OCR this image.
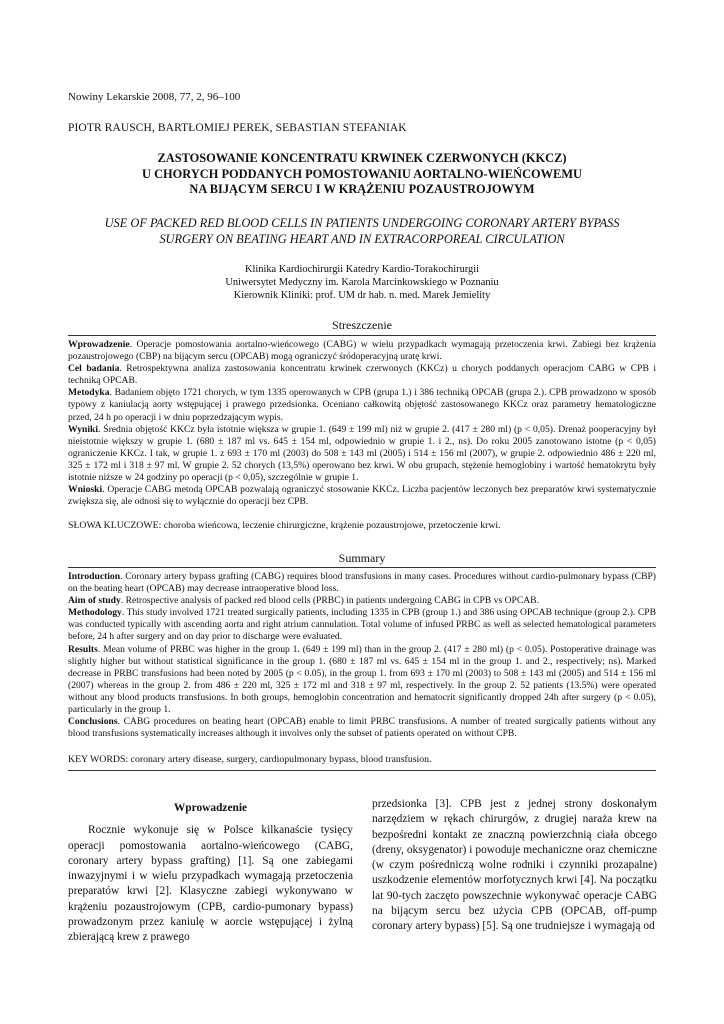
Nowiny Lekarskie 2008, 77, 2, 96–100
PIOTR RAUSCH, BARTŁOMIEJ PEREK, SEBASTIAN STEFANIAK
ZASTOSOWANIE KONCENTRATU KRWINEK CZERWONYCH (KKCZ)
U CHORYCH PODDANYCH POMOSTOWANIU AORTALNO-WIEŃCOWEMU
NA BIJĄCYM SERCU I W KRĄŻENIU POZAUSTROJOWYM
USE OF PACKED RED BLOOD CELLS IN PATIENTS UNDERGOING CORONARY ARTERY BYPASS
SURGERY ON BEATING HEART AND IN EXTRACORPOREAL CIRCULATION
Klinika Kardiochirurgii Katedry Kardio-Torakochirurgii
Uniwersytet Medyczny im. Karola Marcinkowskiego w Poznaniu
Kierownik Kliniki: prof. UM dr hab. n. med. Marek Jemielity
Streszczenie

Wprowadzenie. Operacje pomostowania aortalno-wieńcowego (CABG) w wielu przypadkach wymagają przetoczenia krwi. Zabiegi bez krążenia pozaustrojowego (CBP) na bijącym sercu (OPCAB) mogą ograniczyć śródoperacyjną uratę krwi.

Cel badania. Retrospektywna analiza zastosowania koncentratu krwinek czerwonych (KKCz) u chorych poddanych operacjom CABG w CPB i techniką OPCAB.

Metodyka. Badaniem objęto 1721 chorych, w tym 1335 operowanych w CPB (grupa 1.) i 386 techniką OPCAB (grupa 2.). CPB prowadzono w sposób typowy z kaniulacją aorty wstępującej i prawego przedsionka. Oceniano całkowitą objętość zastosowanego KKCz oraz parametry hematologiczne przed, 24 h po operacji i w dniu poprzedzającym wypis.

Wyniki. Średnia objętość KKCz była istotnie większa w grupie 1. (649 ± 199 ml) niż w grupie 2. (417 ± 280 ml) (p < 0,05). Drenaż pooperacyjny był nieistotnie większy w grupie 1. (680 ± 187 ml vs. 645 ± 154 ml, odpowiednio w grupie 1. i 2., ns). Do roku 2005 zanotowano istotne (p < 0,05) ograniczenie KKCz. I tak, w grupie 1. z 693 ± 170 ml (2003) do 508 ± 143 ml (2005) i 514 ± 156 ml (2007), w grupie 2. odpowiednio 486 ± 220 ml, 325 ± 172 ml i 318 ± 97 ml. W grupie 2. 52 chorych (13,5%) operowano bez krwi. W obu grupach, stężenie hemoglobiny i wartość hematokrytu były istotnie niższe w 24 godziny po operacji (p < 0,05), szczególnie w grupie 1.

Wnioski. Operacje CABG metodą OPCAB pozwalają ograniczyć stosowanie KKCz. Liczba pacjentów leczonych bez preparatów krwi systematycznie zwiększa się, ale odnosi się to wyłącznie do operacji bez CPB.

SŁOWA KLUCZOWE: choroba wieńcowa, leczenie chirurgiczne, krążenie pozaustrojowe, przetoczenie krwi.
Summary

Introduction. Coronary artery bypass grafting (CABG) requires blood transfusions in many cases. Procedures without cardio-pulmonary bypass (CBP) on the beating heart (OPCAB) may decrease intraoperative blood loss.

Aim of study. Retrospective analysis of packed red blood cells (PRBC) in patients undergoing CABG in CPB vs OPCAB.

Methodology. This study involved 1721 treated surgically patients, including 1335 in CPB (group 1.) and 386 using OPCAB technique (group 2.). CPB was conducted typically with ascending aorta and right atrium cannulation. Total volume of infused PRBC as well as selected hematological parameters before, 24 h after surgery and on day prior to discharge were evaluated.

Results. Mean volume of PRBC was higher in the group 1. (649 ± 199 ml) than in the group 2. (417 ± 280 ml) (p < 0.05). Postoperative drainage was slightly higher but without statistical significance in the group 1. (680 ± 187 ml vs. 645 ± 154 ml in the group 1. and 2., respectively; ns). Marked decrease in PRBC transfusions had been noted by 2005 (p < 0.05), in the group 1. from 693 ± 170 ml (2003) to 508 ± 143 ml (2005) and 514 ± 156 ml (2007) whereas in the group 2. from 486 ± 220 ml, 325 ± 172 ml and 318 ± 97 ml, respectively. In the group 2. 52 patients (13.5%) were operated without any blood products transfusions. In both groups, hemoglobin concentration and hematocrit significantly dropped 24h after surgery (p < 0.05), particularly in the group 1.

Conclusions. CABG procedures on beating heart (OPCAB) enable to limit PRBC transfusions. A number of treated surgically patients without any blood transfusions systematically increases although it involves only the subset of patients operated on without CPB.

KEY WORDS: coronary artery disease, surgery, cardiopulmonary bypass, blood transfusion.
Wprowadzenie

Rocznie wykonuje się w Polsce kilkanaście tysięcy operacji pomostowania aortalno-wieńcowego (CABG, coronary artery bypass grafting) [1]. Są one zabiegami inwazyjnymi i w wielu przypadkach wymagają przetoczenia preparatów krwi [2]. Klasyczne zabiegi wykonywano w krążeniu pozaustrojowym (CPB, cardio-pumonary bypass) prowadzonym przez kaniulę w aorcie wstępującej i żylną zbierającą krew z prawego

przedsionka [3]. CPB jest z jednej strony doskonałym narzędziem w rękach chirurgów, z drugiej naraża krew na bezpośredni kontakt ze znaczną powierzchnią ciała obcego (dreny, oksygenator) i powoduje mechaniczne oraz chemiczne (w czym pośredniczą wolne rodniki i czynniki prozapalne) uszkodzenie elementów morfotycznych krwi [4]. Na początku lat 90-tych zaczęto powszechnie wykonywać operacje CABG na bijącym sercu bez użycia CPB (OPCAB, off-pump coronary artery bypass) [5]. Są one trudniejsze i wymagają od
